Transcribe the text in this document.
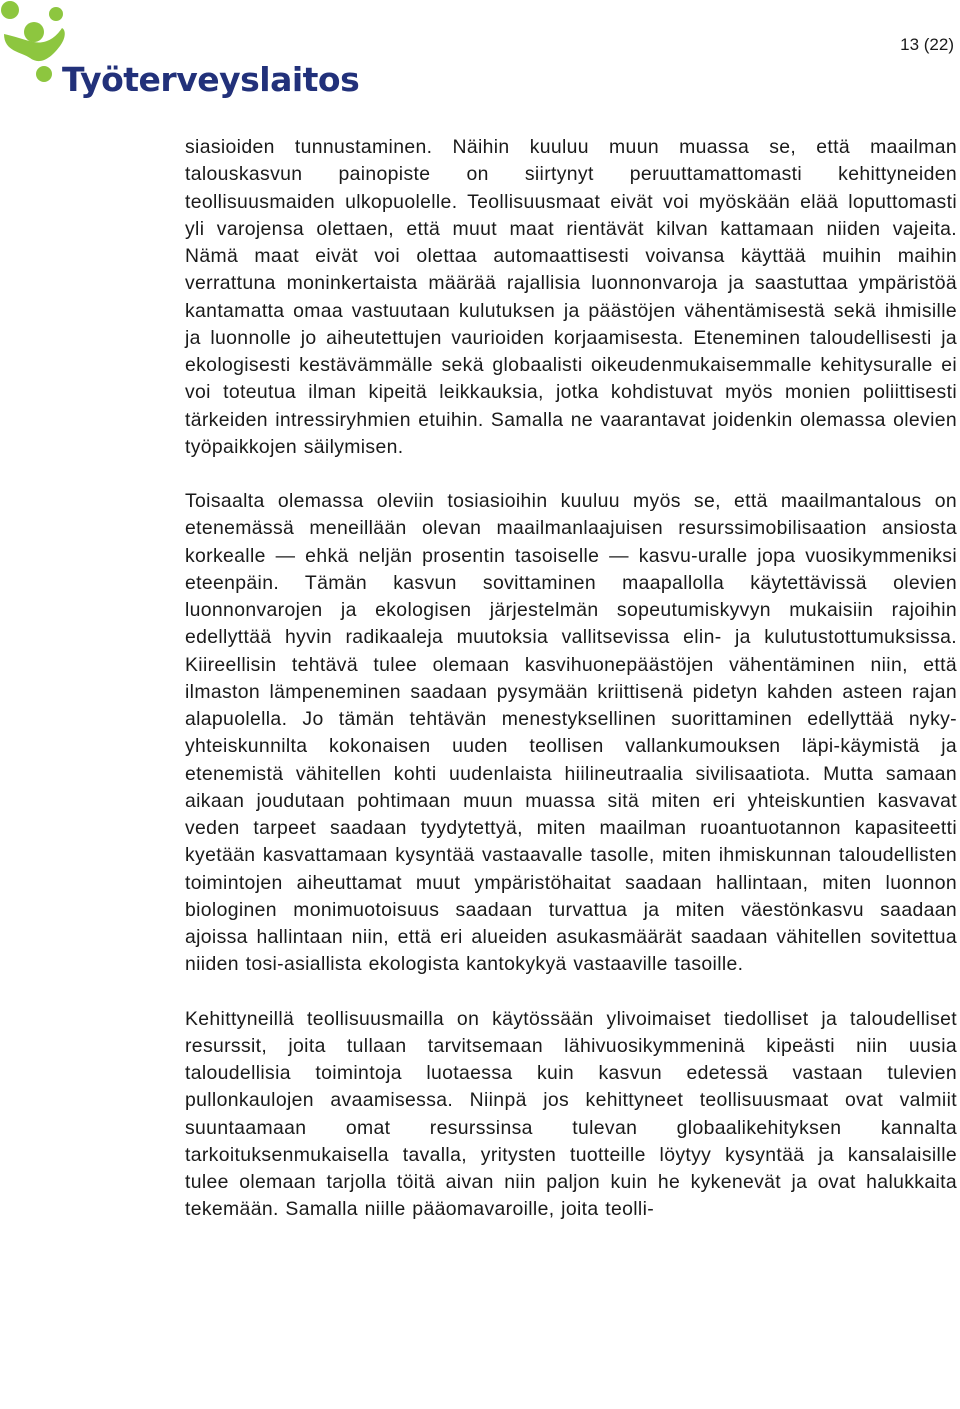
Työterveyslaitos
13 (22)

siasioiden tunnustaminen. Näihin kuuluu muun muassa se, että maailman talouskasvun painopiste on siirtynyt peruuttamattomasti kehittyneiden teollisuusmaiden ulkopuolelle. Teollisuusmaat eivät voi myöskään elää loputtomasti yli varojensa olettaen, että muut maat rientävät kilvan kattamaan niiden vajeita. Nämä maat eivät voi olettaa automaattisesti voivansa käyttää muihin maihin verrattuna moninkertaista määrää rajallisia luonnonvaroja ja saastuttaa ympäristöä kantamatta omaa vastuutaan kulutuksen ja päästöjen vähentämisestä sekä ihmisille ja luonnolle jo aiheutettujen vaurioiden korjaamisesta. Eteneminen taloudellisesti ja ekologisesti kestävämmälle sekä globaalisti oikeudenmukaisemmalle kehitysuralle ei voi toteutua ilman kipeitä leikkauksia, jotka kohdistuvat myös monien poliittisesti tärkeiden intressiryhmien etuihin. Samalla ne vaarantavat joidenkin olemassa olevien työpaikkojen säilymisen.

Toisaalta olemassa oleviin tosiasioihin kuuluu myös se, että maailmantalous on etenemässä meneillään olevan maailmanlaajuisen resurssimobilisaation ansiosta korkealle — ehkä neljän prosentin tasoiselle — kasvu-uralle jopa vuosikymmeniksi eteenpäin. Tämän kasvun sovittaminen maapallolla käytettävissä olevien luonnonvarojen ja ekologisen järjestelmän sopeutumiskyvyn mukaisiin rajoihin edellyttää hyvin radikaaleja muutoksia vallitsevissa elin- ja kulutustottumuksissa. Kiireellisin tehtävä tulee olemaan kasvihuonepäästöjen vähentäminen niin, että ilmaston lämpeneminen saadaan pysymään kriittisenä pidetyn kahden asteen rajan alapuolella. Jo tämän tehtävän menestyksellinen suorittaminen edellyttää nyky-yhteiskunnilta kokonaisen uuden teollisen vallankumouksen läpi-käymistä ja etenemistä vähitellen kohti uudenlaista hiilineutraalia sivilisaatiota. Mutta samaan aikaan joudutaan pohtimaan muun muassa sitä miten eri yhteiskuntien kasvavat veden tarpeet saadaan tyydytettyä, miten maailman ruoantuotannon kapasiteetti kyetään kasvattamaan kysyntää vastaavalle tasolle, miten ihmiskunnan taloudellisten toimintojen aiheuttamat muut ympäristöhaitat saadaan hallintaan, miten luonnon biologinen monimuotoisuus saadaan turvattua ja miten väestönkasvu saadaan ajoissa hallintaan niin, että eri alueiden asukasmäärät saadaan vähitellen sovitettua niiden tosi-asiallista ekologista kantokykyä vastaaville tasoille.

Kehittyneillä teollisuusmailla on käytössään ylivoimaiset tiedolliset ja taloudelliset resurssit, joita tullaan tarvitsemaan lähivuosikymmeninä kipeästi niin uusia taloudellisia toimintoja luotaessa kuin kasvun edetessä vastaan tulevien pullonkaulojen avaamisessa. Niinpä jos kehittyneet teollisuusmaat ovat valmiit suuntaamaan omat resurssinsa tulevan globaalikehityksen kannalta tarkoituksenmukaisella tavalla, yritysten tuotteille löytyy kysyntää ja kansalaisille tulee olemaan tarjolla töitä aivan niin paljon kuin he kykenevät ja ovat halukkaita tekemään. Samalla niille pääomavaroille, joita teolli-
